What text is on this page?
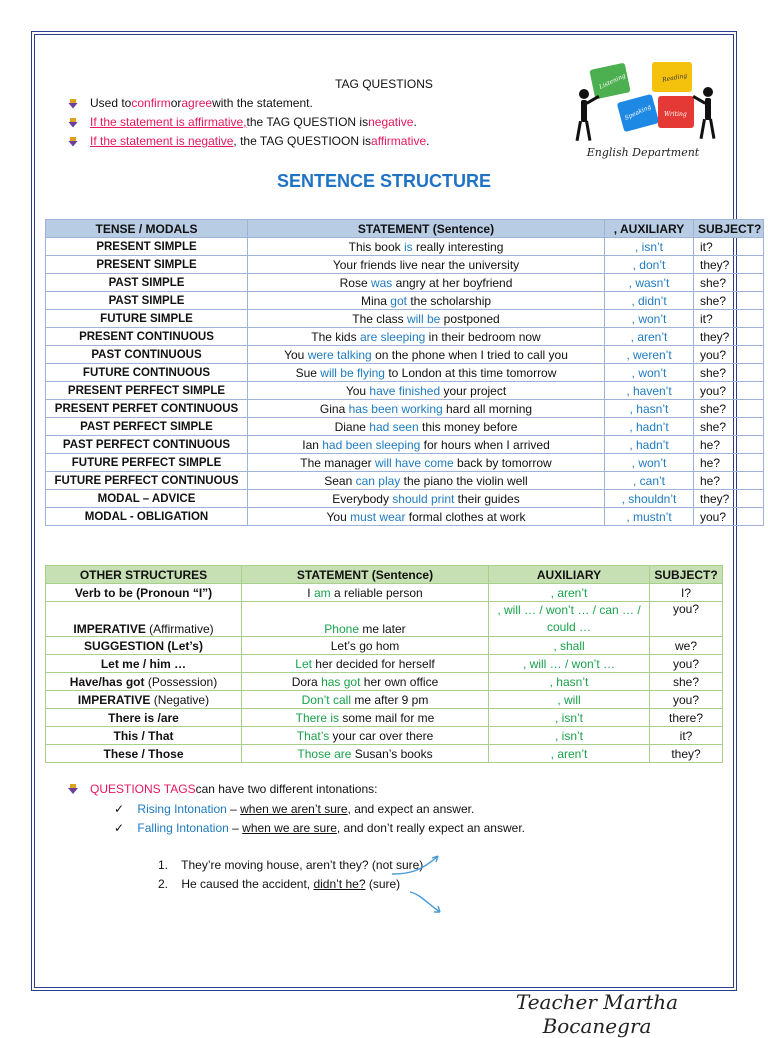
TAG QUESTIONS
Used to confirm or agree with the statement.
If the statement is affirmative, the TAG QUESTION is negative .
If the statement is negative , the TAG QUESTIOON is affirmative .
Listening	Reading
Speaking Writing
English Department
SENTENCE STRUCTURE
TENSE / MODALS	STATEMENT (Sentence)	, AUXILIARY	SUBJECT?
PRESENT SIMPLE	This book is really interesting	, isn’t	it?
PRESENT SIMPLE	Your friends live near the university	, don’t	they?
PAST SIMPLE	Rose was angry at her boyfriend	, wasn’t	she?
PAST SIMPLE	Mina got the scholarship	, didn’t	she?
FUTURE SIMPLE	The class will be postponed	, won’t	it?
PRESENT CONTINUOUS	The kids are sleeping in their bedroom now	, aren’t	they?
PAST CONTINUOUS	You were talking on the phone when I tried to call you	, weren’t	you?
FUTURE CONTINUOUS	Sue will be flying to London at this time tomorrow	, won’t	she?
PRESENT PERFECT SIMPLE	You have finished your project	, haven’t	you?
PRESENT PERFET CONTINUOUS	Gina has been working hard all morning	, hasn’t	she?
PAST PERFECT SIMPLE	Diane had seen this money before	, hadn’t	she?
PAST PERFECT CONTINUOUS	Ian had been sleeping for hours when I arrived	, hadn’t	he?
FUTURE PERFECT SIMPLE	The manager will have come back by tomorrow	, won’t	he?
FUTURE PERFECT CONTINUOUS	Sean can play the piano the violin well	, can’t	he?
MODAL – ADVICE	Everybody should print their guides	, shouldn’t	they?
MODAL - OBLIGATION	You must wear formal clothes at work	, mustn’t	you?
OTHER STRUCTURES	STATEMENT (Sentence)	AUXILIARY	SUBJECT?
Verb to be (Pronoun “I”)	I am a reliable person	, aren’t	I?
IMPERATIVE (Affirmative)	Phone me later	, will … / won’t … / can … / could …	you?
SUGGESTION (Let’s)	Let’s go hom	, shall	we?
Let me / him …	Let her decided for herself	, will … / won’t …	you?
Have/has got (Possession)	Dora has got her own office	, hasn’t	she?
IMPERATIVE (Negative)	Don’t call me after 9 pm	, will	you?
There is /are	There is some mail for me	, isn’t	there?
This / That	That’s your car over there	, isn’t	it?
These / Those	Those are Susan’s books	, aren’t	they?
QUESTIONS TAGS can have two different intonations:
✓ Rising Intonation – when we aren’t sure, and expect an answer.
✓ Falling Intonation – when we are sure, and don’t really expect an answer.
1. They’re moving house, aren’t they? (not sure)
2. He caused the accident, didn’t he? (sure)
Teacher Martha Bocanegra
